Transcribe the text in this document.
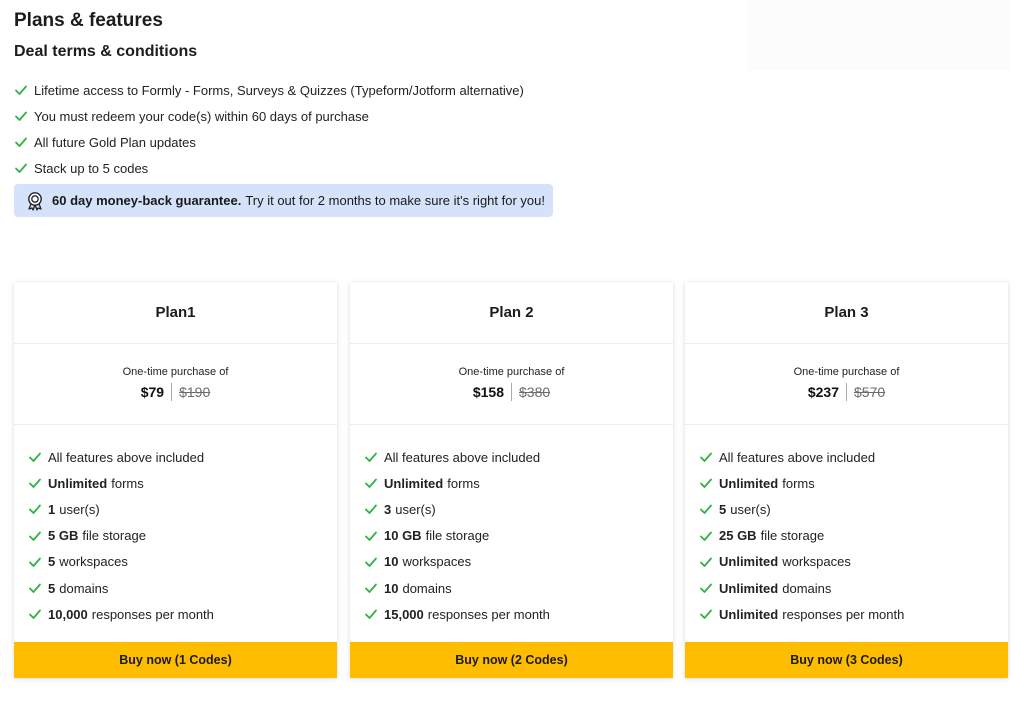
Plans & features
Deal terms & conditions
Lifetime access to Formly - Forms, Surveys & Quizzes (Typeform/Jotform alternative)
You must redeem your code(s) within 60 days of purchase
All future Gold Plan updates
Stack up to 5 codes
60 day money-back guarantee. Try it out for 2 months to make sure it's right for you!
Plan1
One-time purchase of
$79 $190
All features above included
Unlimited forms
1 user(s)
5 GB file storage
5 workspaces
5 domains
10,000 responses per month
Buy now (1 Codes)
Plan 2
One-time purchase of
$158 $380
All features above included
Unlimited forms
3 user(s)
10 GB file storage
10 workspaces
10 domains
15,000 responses per month
Buy now (2 Codes)
Plan 3
One-time purchase of
$237 $570
All features above included
Unlimited forms
5 user(s)
25 GB file storage
Unlimited workspaces
Unlimited domains
Unlimited responses per month
Buy now (3 Codes)
